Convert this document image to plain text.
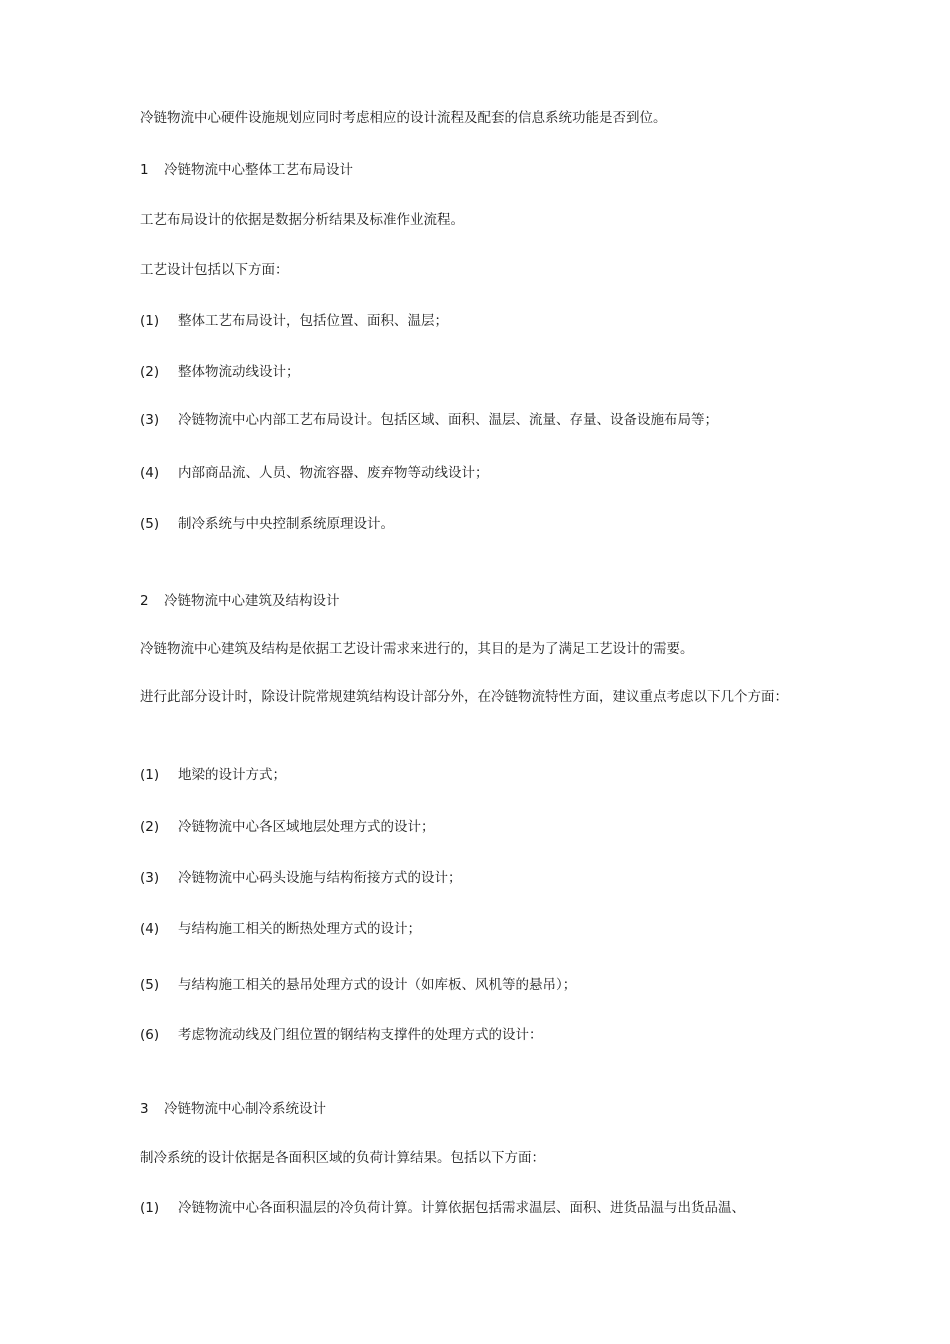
冷链物流中心硬件设施规划应同时考虑相应的设计流程及配套的信息系统功能是否到位。
1 冷链物流中心整体工艺布局设计
工艺布局设计的依据是数据分析结果及标准作业流程。
工艺设计包括以下方面：
(1) 整体工艺布局设计，包括位置、面积、温层；
(2) 整体物流动线设计；
(3) 冷链物流中心内部工艺布局设计。包括区域、面积、温层、流量、存量、设备设施布局等；
(4) 内部商品流、人员、物流容器、废弃物等动线设计；
(5) 制冷系统与中央控制系统原理设计。
2 冷链物流中心建筑及结构设计
冷链物流中心建筑及结构是依据工艺设计需求来进行的，其目的是为了满足工艺设计的需要。
进行此部分设计时，除设计院常规建筑结构设计部分外，在冷链物流特性方面，建议重点考虑以下几个方面：
(1) 地梁的设计方式；
(2) 冷链物流中心各区域地层处理方式的设计；
(3) 冷链物流中心码头设施与结构衔接方式的设计；
(4) 与结构施工相关的断热处理方式的设计；
(5) 与结构施工相关的悬吊处理方式的设计（如库板、风机等的悬吊）；
(6) 考虑物流动线及门组位置的钢结构支撑件的处理方式的设计：
3 冷链物流中心制冷系统设计
制冷系统的设计依据是各面积区域的负荷计算结果。包括以下方面：
(1) 冷链物流中心各面积温层的冷负荷计算。计算依据包括需求温层、面积、进货品温与出货品温、
